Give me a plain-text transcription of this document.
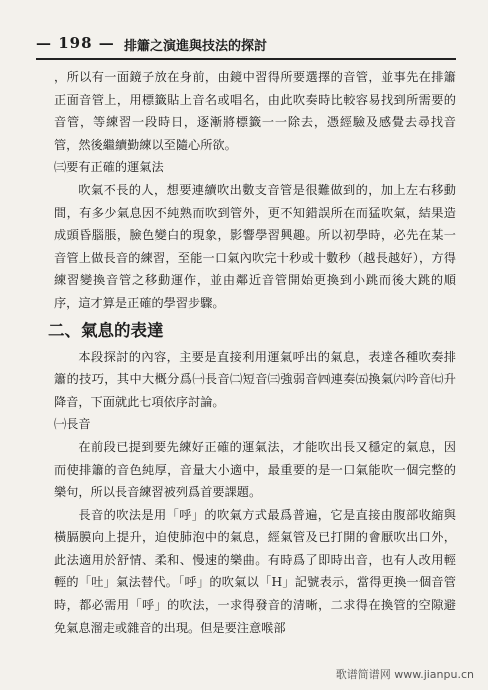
— 198 — 排簫之演進與技法的探討

，所以有一面鏡子放在身前，由鏡中習得所要選擇的音管，並事先在排簫正面音管上，用標籤貼上音名或唱名，由此吹奏時比較容易找到所需要的音管，等練習一段時日，逐漸將標籤一一除去，憑經驗及感覺去尋找音管，然後繼續勤練以至隨心所欲。

㈢要有正確的運氣法

吹氣不長的人，想要連續吹出數支音管是很難做到的，加上左右移動間，有多少氣息因不純熟而吹到管外，更不知錯誤所在而猛吹氣，結果造成頭昏腦脹，臉色變白的現象，影響學習興趣。所以初學時，必先在某一音管上做長音的練習，至能一口氣內吹完十秒或十數秒（越長越好），方得練習變換音管之移動運作，並由鄰近音管開始更換到小跳而後大跳的順序，這才算是正確的學習步驟。

二、氣息的表達

本段探討的內容，主要是直接利用運氣呼出的氣息，表達各種吹奏排簫的技巧，其中大概分爲㈠長音㈡短音㈢強弱音㈣連奏㈤換氣㈥吟音㈦升降音，下面就此七項依序討論。

㈠長音

在前段已提到要先練好正確的運氣法，才能吹出長又穩定的氣息，因而使排簫的音色純厚，音量大小適中，最重要的是一口氣能吹一個完整的樂句，所以長音練習被列爲首要課題。

長音的吹法是用「呼」的吹氣方式最爲普遍，它是直接由腹部收縮與橫膈膜向上提升，迫使肺泡中的氣息，經氣管及已打開的會厭吹出口外，此法適用於舒情、柔和、慢速的樂曲。有時爲了即時出音，也有人改用輕輕的「吐」氣法替代。「呼」的吹氣以「H」記號表示，當得更換一個音管時，都必需用「呼」的吹法，一求得發音的清晰，二求得在換管的空隙避免氣息溜走或雜音的出現。但是要注意喉部

歌谱简谱网 www.jianpu.cn
